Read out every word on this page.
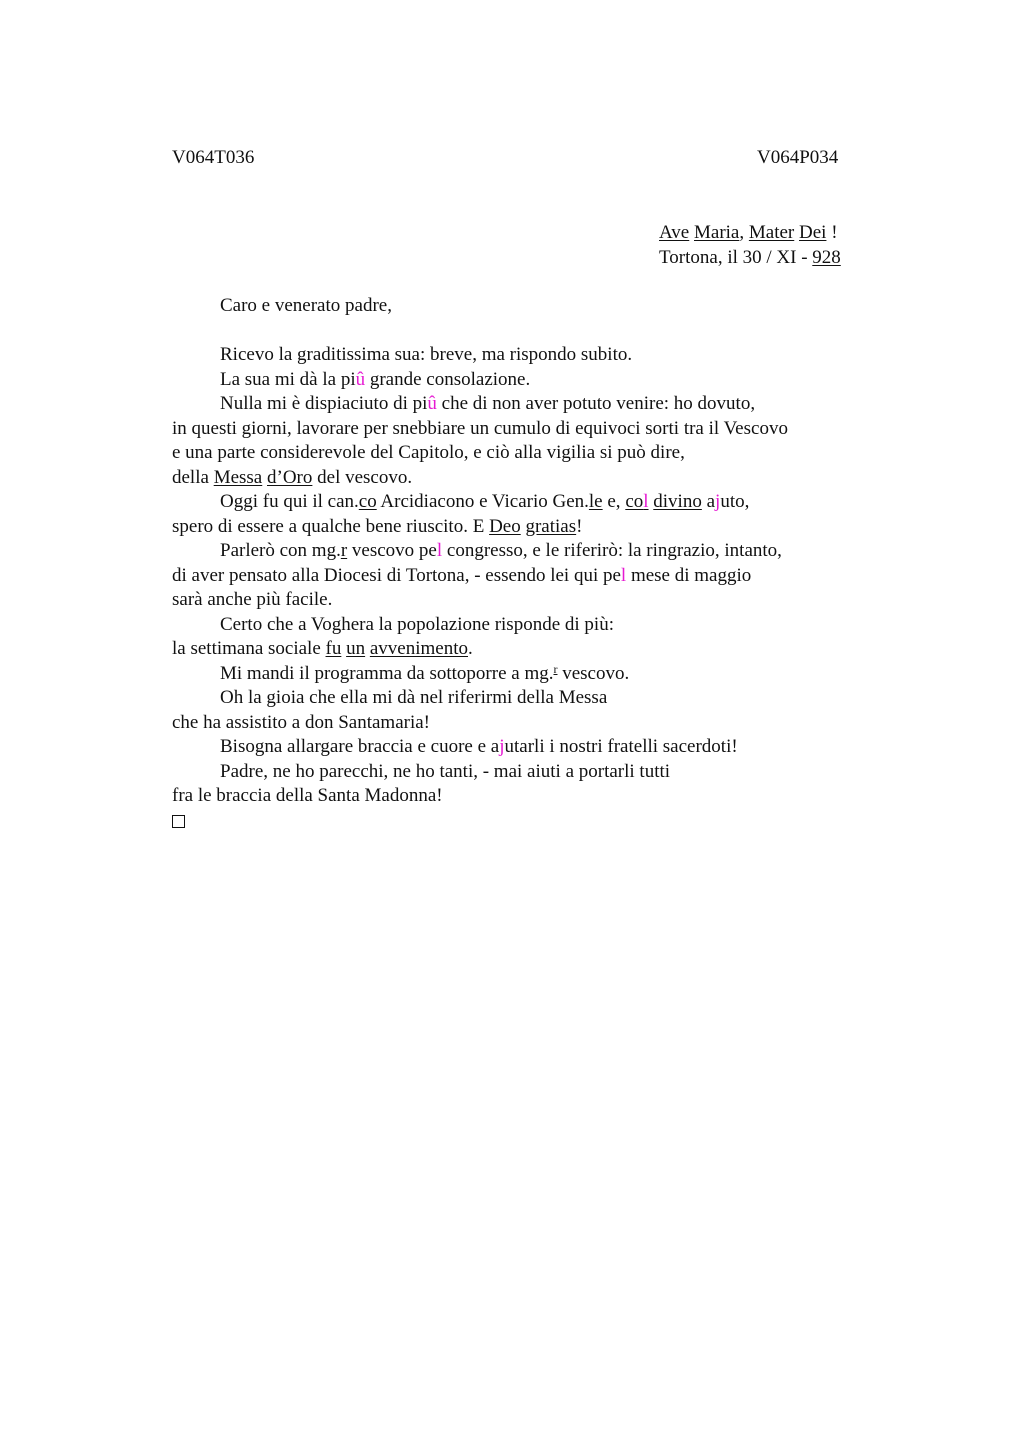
V064T036	V064P034
Ave Maria, Mater Dei !
Tortona, il 30 / XI - 928
Caro e venerato padre,
Ricevo la graditissima sua: breve, ma rispondo subito.
La sua mi dà la piû grande consolazione.
Nulla mi è dispiaciuto di piû che di non aver potuto venire: ho dovuto,
in questi giorni, lavorare per snebbiare un cumulo di equivoci sorti tra il Vescovo
e una parte considerevole del Capitolo, e ciò alla vigilia si può dire,
della Messa d’Oro del vescovo.
Oggi fu qui il can.co Arcidiacono e Vicario Gen.le e, col divino ajuto,
spero di essere a qualche bene riuscito. E Deo gratias!
Parlerò con mg.r vescovo pel congresso, e le riferirò: la ringrazio, intanto,
di aver pensato alla Diocesi di Tortona, - essendo lei qui pel mese di maggio
sarà anche più facile.
Certo che a Voghera la popolazione risponde di più:
la settimana sociale fu un avvenimento.
Mi mandi il programma da sottoporre a mg.$^r$ vescovo.
Oh la gioia che ella mi dà nel riferirmi della Messa
che ha assistito a don Santamaria!
Bisogna allargare braccia e cuore e ajutarli i nostri fratelli sacerdoti!
Padre, ne ho parecchi, ne ho tanti, - mai aiuti a portarli tutti
fra le braccia della Santa Madonna!
